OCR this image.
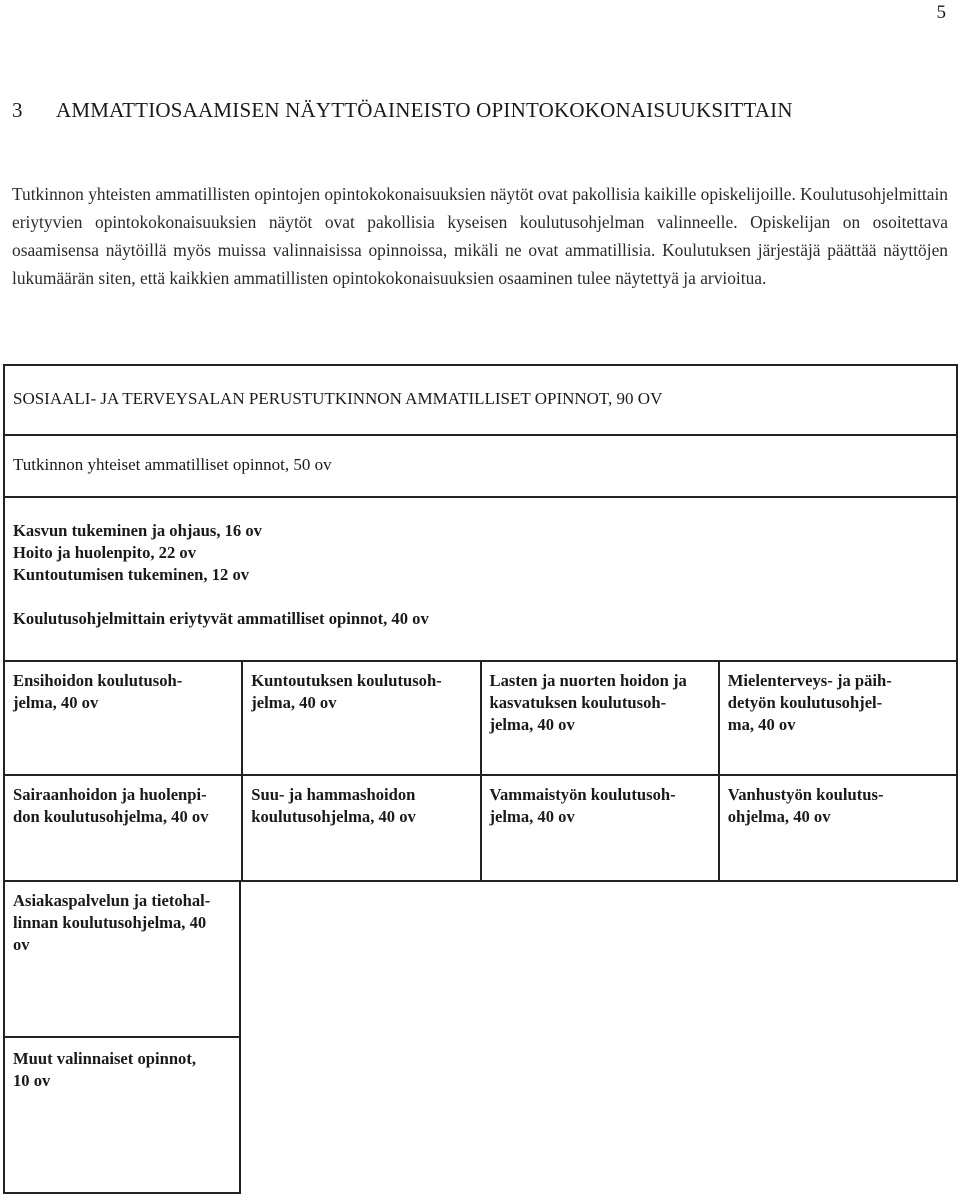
5
3 AMMATTIOSAAMISEN NÄYTTÖAINEISTO OPINTOKOKONAISUUKSITTAIN

Tutkinnon yhteisten ammatillisten opintojen opintokokonaisuuksien näytöt ovat pakollisia kaikille opiskelijoille. Koulutusohjelmittain eriytyvien opintokokonaisuuksien näytöt ovat pakollisia kyseisen koulutusohjelman valinneelle. Opiskelijan on osoitettava osaamisensa näytöillä myös muissa valinnaisissa opinnoissa, mikäli ne ovat ammatillisia. Koulutuksen järjestäjä päättää näyttöjen lukumäärän siten, että kaikkien ammatillisten opintokokonaisuuksien osaaminen tulee näytettyä ja arvioitua.

SOSIAALI- JA TERVEYSALAN PERUSTUTKINNON AMMATILLISET OPINNOT, 90 OV
Tutkinnon yhteiset ammatilliset opinnot, 50 ov
Kasvun tukeminen ja ohjaus, 16 ov
Hoito ja huolenpito, 22 ov
Kuntoutumisen tukeminen, 12 ov
Koulutusohjelmittain eriytyvät ammatilliset opinnot, 40 ov
Ensihoidon koulutusoh-
jelma, 40 ov
Kuntoutuksen koulutusoh-
jelma, 40 ov
Lasten ja nuorten hoidon ja
kasvatuksen koulutusoh-
jelma, 40 ov
Mielenterveys- ja päih-
detyön koulutusohjel-
ma, 40 ov
Sairaanhoidon ja huolenpi-
don koulutusohjelma, 40 ov
Suu- ja hammashoidon
koulutusohjelma, 40 ov
Vammaistyön koulutusoh-
jelma, 40 ov
Vanhustyön koulutus-
ohjelma, 40 ov
Asiakaspalvelun ja tietohal-
linnan koulutusohjelma, 40
ov
Muut valinnaiset opinnot,
10 ov
